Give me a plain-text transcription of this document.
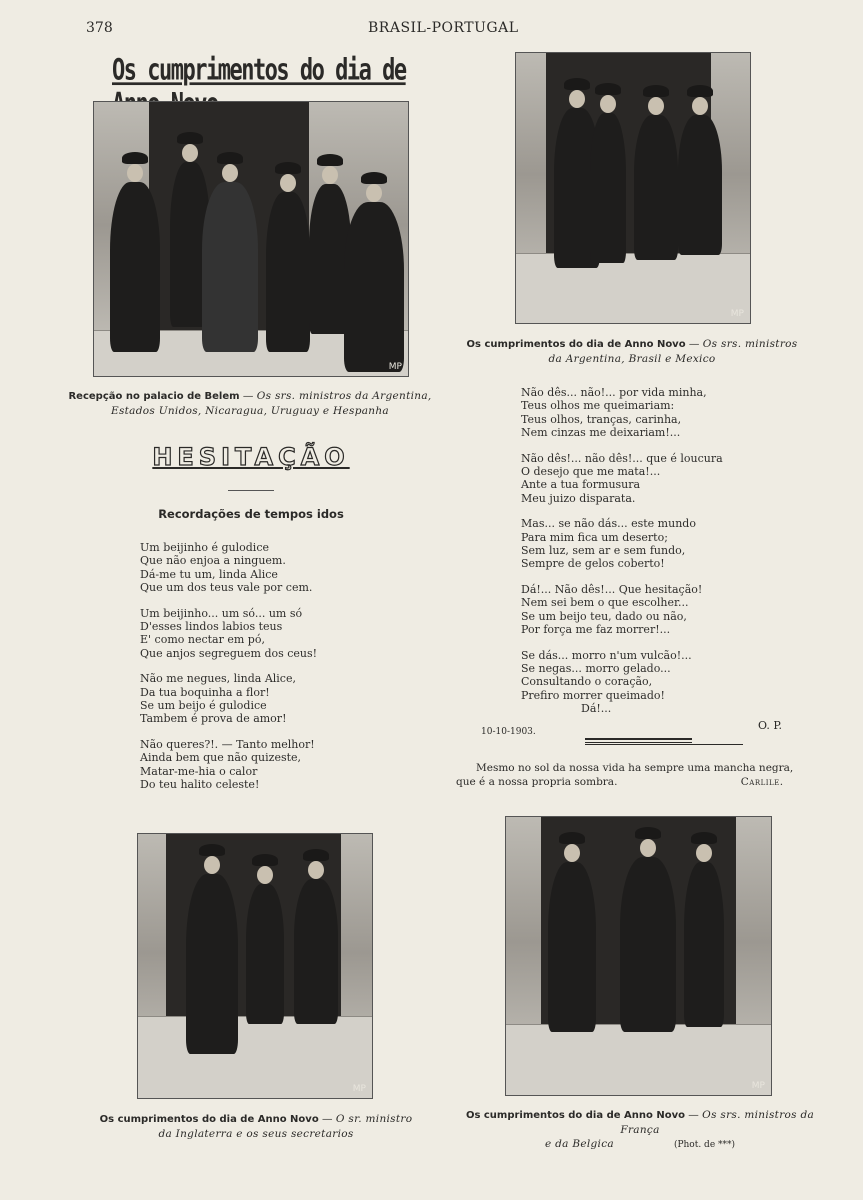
378	BRASIL-PORTUGAL
Os cumprimentos do dia de
MP
Recepção no palacio de Belem — Os srs. ministros da Argentina,
Estados Unidos, Nicaragua, Uruguay e Hespanha
MP
Os cumprimentos do dia de Anno Novo — Os srs. ministros
da Argentina, Brasil e Mexico
HESITAÇÃO
Recordações de tempos idos
Um beijinho é gulodice
Que não enjoa a ninguem.
Dá-me tu um, linda Alice
Que um dos teus vale por cem.
Um beijinho... um só... um só
D'esses lindos labios teus
E' como nectar em pó,
Que anjos segreguem dos ceus!
Não me negues, linda Alice,
Da tua boquinha a flor!
Se um beijo é gulodice
Tambem é prova de amor!
Não queres?!. — Tanto melhor!
Ainda bem que não quizeste,
Matar-me-hia o calor
Do teu halito celeste!
Não dês... não!... por vida minha,
Teus olhos me queimariam:
Teus olhos, tranças, carinha,
Nem cinzas me deixariam!...
Não dês!... não dês!... que é loucura
O desejo que me mata!...
Ante a tua formusura
Meu juizo disparata.
Mas... se não dás... este mundo
Para mim fica um deserto;
Sem luz, sem ar e sem fundo,
Sempre de gelos coberto!
Dá!... Não dês!... Que hesitação!
Nem sei bem o que escolher...
Se um beijo teu, dado ou não,
Por força me faz morrer!...
Se dás... morro n'um vulcão!...
Se negas... morro gelado...
Consultando o coração,
Prefiro morrer queimado!
Dá!...
10-10-1903.	O. P.
Mesmo no sol da nossa vida ha sempre uma mancha negra,
que é a nossa propria sombra.	Carlile.
MP
Os cumprimentos do dia de Anno Novo — O sr. ministro
da Inglaterra e os seus secretarios
MP
Os cumprimentos do dia de Anno Novo — Os srs. ministros da França
e da Belgica	(Phot. de ***)
